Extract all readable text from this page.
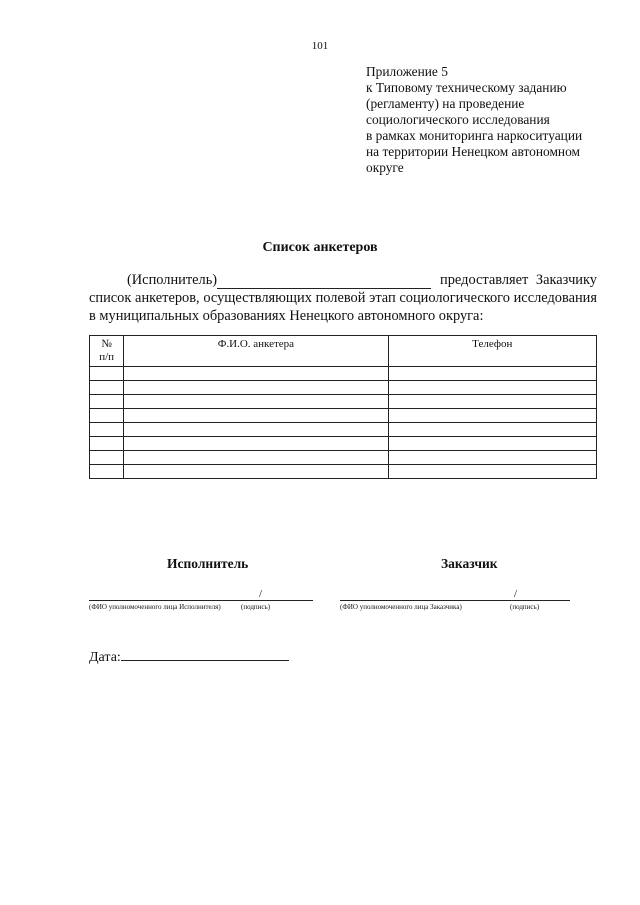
101
Приложение 5
к Типовому техническому заданию
(регламенту) на проведение
социологического исследования
в рамках мониторинга наркоситуации
на территории Ненецком автономном
округе
Список анкетеров
(Исполнитель)	предоставляет Заказчику
список анкетеров, осуществляющих полевой этап социологического исследования
в муниципальных образованиях Ненецкого автономного округа:
№
п/п	Ф.И.О. анкетера	Телефон

Исполнитель	Заказчик
/
(ФИО уполномоченного лица Исполнителя)	(подпись)
/
(ФИО уполномоченного лица Заказчика)	(подпись)
Дата:
